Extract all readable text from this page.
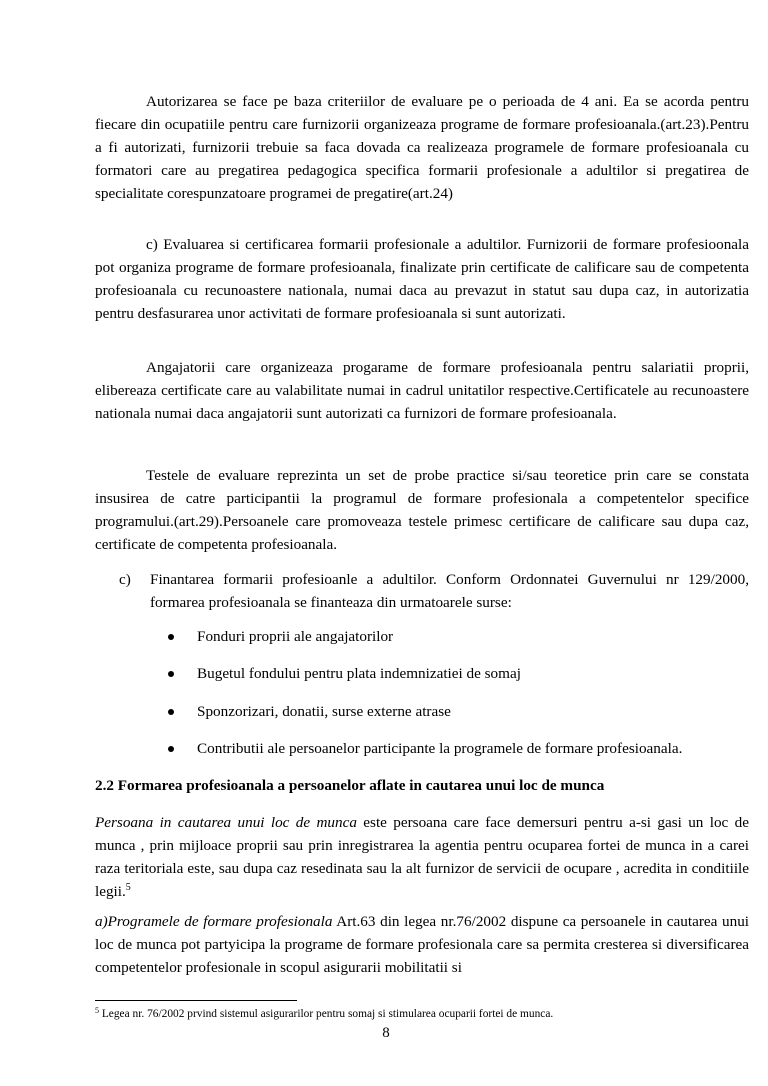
Autorizarea se face pe baza criteriilor de evaluare pe o perioada de 4 ani. Ea se acorda pentru fiecare din ocupatiile pentru care furnizorii organizeaza programe de formare profesioanala.(art.23).Pentru a fi autorizati, furnizorii trebuie sa faca dovada ca realizeaza programele de formare profesioanala cu formatori care au pregatirea pedagogica specifica formarii profesionale a adultilor si pregatirea de specialitate corespunzatoare programei de pregatire(art.24)

c) Evaluarea si certificarea formarii profesionale a adultilor. Furnizorii de formare profesioonala pot organiza programe de formare profesioanala, finalizate prin certificate de calificare sau de competenta profesioanala cu recunoastere nationala, numai daca au prevazut in statut sau dupa caz, in autorizatia pentru desfasurarea unor activitati de formare profesioanala si sunt autorizati.

Angajatorii care organizeaza progarame de formare profesioanala pentru salariatii proprii, elibereaza certificate care au valabilitate numai in cadrul unitatilor respective.Certificatele au recunoastere nationala numai daca angajatorii sunt autorizati ca furnizori de formare profesioanala.

Testele de evaluare reprezinta un set de probe practice si/sau teoretice prin care se constata insusirea de catre participantii la programul de formare profesionala a competentelor specifice programului.(art.29).Persoanele care promoveaza testele primesc certificare de calificare sau dupa caz, certificate de competenta profesioanala.

c)	Finantarea formarii profesioanle a adultilor. Conform Ordonnatei Guvernului nr 129/2000, formarea profesioanala se finanteaza din urmatoarele surse:

Fonduri proprii ale angajatorilor
Bugetul fondului pentru plata indemnizatiei de somaj
Sponzorizari, donatii, surse externe atrase
Contributii ale persoanelor participante la programele de formare profesioanala.
2.2 Formarea profesioanala a persoanelor aflate in cautarea unui loc de munca

Persoana in cautarea unui loc de munca este persoana care face demersuri pentru a-si gasi un loc de munca , prin mijloace proprii sau prin inregistrarea la agentia pentru ocuparea fortei de munca in a carei raza teritoriala este, sau dupa caz resedinata sau la alt furnizor de servicii de ocupare , acredita in conditiile legii.$^5$

a)Programele de formare profesionala Art.63 din legea nr.76/2002 dispune ca persoanele in cautarea unui loc de munca pot partyicipa la programe de formare profesionala care sa permita cresterea si diversificarea competentelor profesionale in scopul asigurarii mobilitatii si

$^5$ Legea nr. 76/2002 prvind sistemul asigurarilor pentru somaj si stimularea ocuparii fortei de munca.
8
